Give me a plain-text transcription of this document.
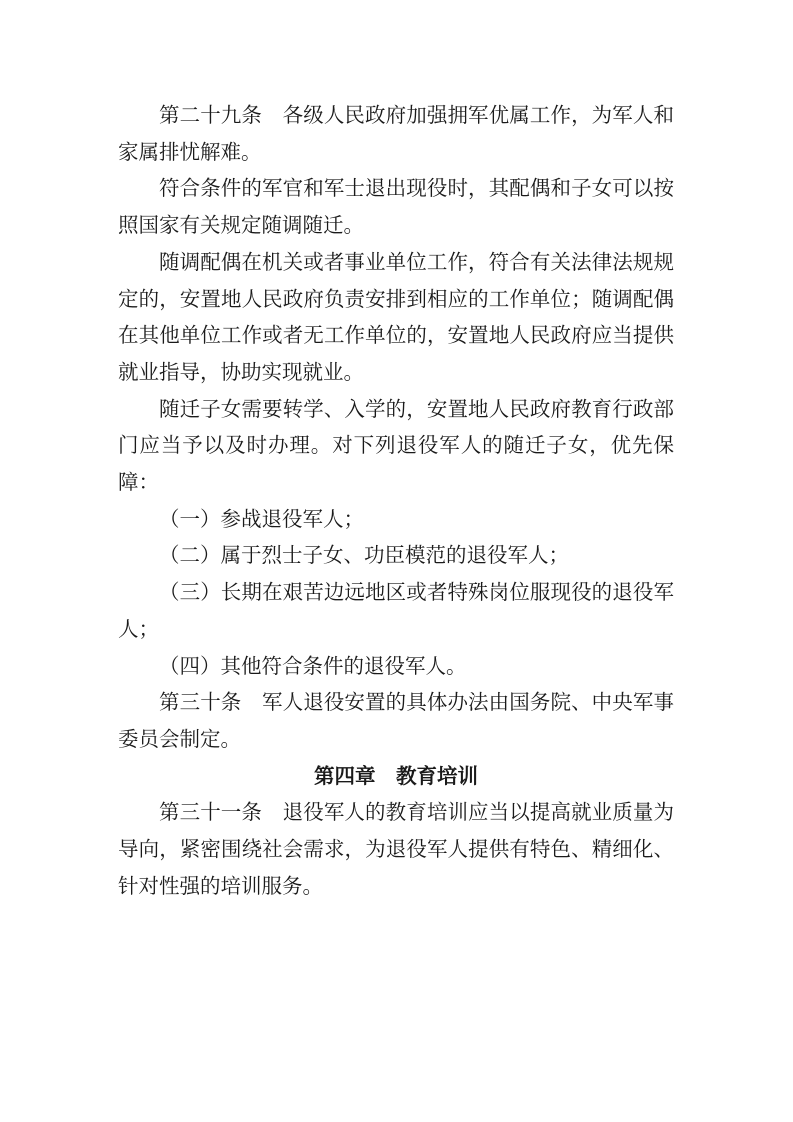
第二十九条　各级人民政府加强拥军优属工作，为军人和家属排忧解难。

符合条件的军官和军士退出现役时，其配偶和子女可以按照国家有关规定随调随迁。

随调配偶在机关或者事业单位工作，符合有关法律法规规定的，安置地人民政府负责安排到相应的工作单位；随调配偶在其他单位工作或者无工作单位的，安置地人民政府应当提供就业指导，协助实现就业。

随迁子女需要转学、入学的，安置地人民政府教育行政部门应当予以及时办理。对下列退役军人的随迁子女，优先保障：

（一）参战退役军人；

（二）属于烈士子女、功臣模范的退役军人；

（三）长期在艰苦边远地区或者特殊岗位服现役的退役军人；

（四）其他符合条件的退役军人。

第三十条　军人退役安置的具体办法由国务院、中央军事委员会制定。

第四章　教育培训

第三十一条　退役军人的教育培训应当以提高就业质量为导向，紧密围绕社会需求，为退役军人提供有特色、精细化、针对性强的培训服务。
